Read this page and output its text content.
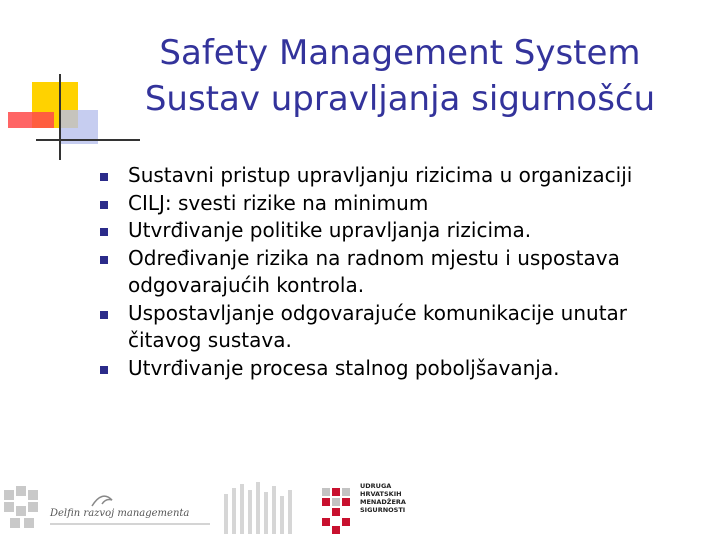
Safety Management System
Sustav upravljanja sigurnošću
Sustavni pristup upravljanju rizicima u organizaciji
CILJ: svesti rizike na minimum
Utvrđivanje politike upravljanja rizicima.
Određivanje rizika na radnom mjestu i uspostava odgovarajućih kontrola.
Uspostavljanje odgovarajuće komunikacije unutar čitavog sustava.
Utvrđivanje procesa stalnog poboljšavanja.
Delfin razvoj managementa
UDRUGA
HRVATSKIH
MENADŽERA
SIGURNOSTI
